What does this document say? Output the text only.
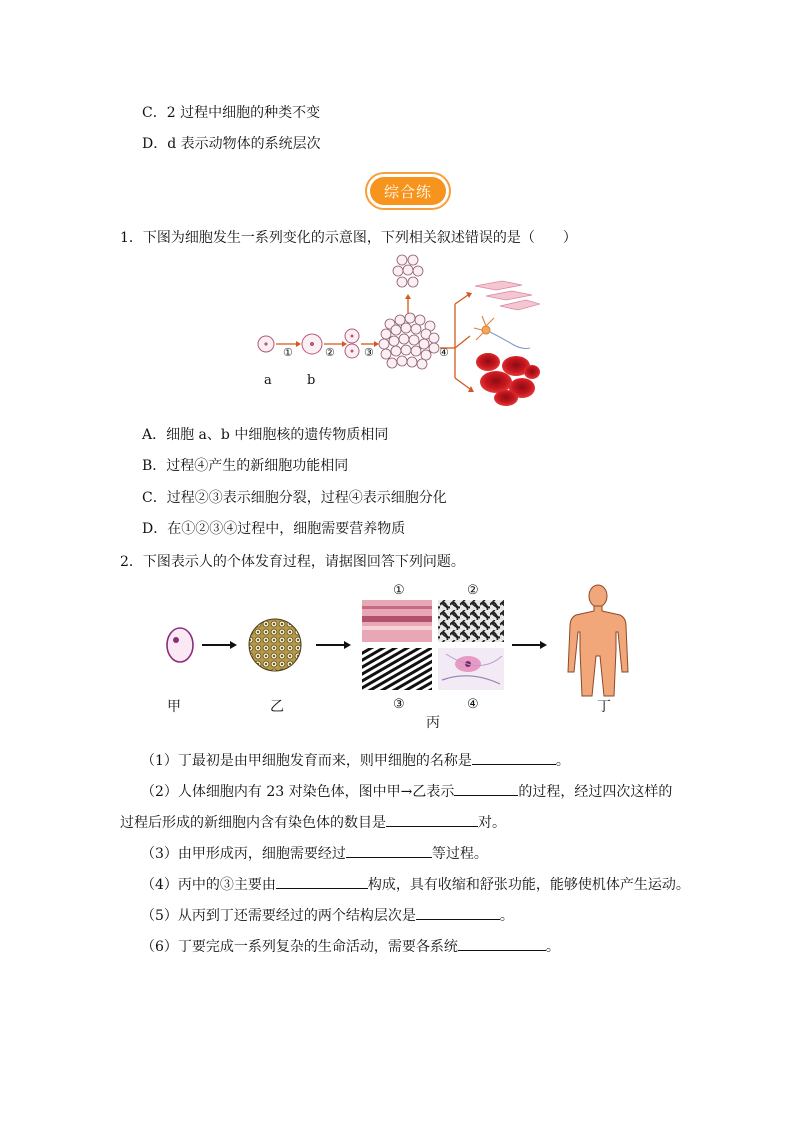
C．2 过程中细胞的种类不变
D．d 表示动物体的系统层次
综合练
1．下图为细胞发生一系列变化的示意图，下列相关叙述错误的是（　　）
①	②	③	④
a	b
A．细胞 a、b 中细胞核的遗传物质相同
B．过程④产生的新细胞功能相同
C．过程②③表示细胞分裂，过程④表示细胞分化
D．在①②③④过程中，细胞需要营养物质
2．下图表示人的个体发育过程，请据图回答下列问题。
①	②
③	④
甲	乙
丙
丁
（1）丁最初是由甲细胞发育而来，则甲细胞的名称是	。
（2）人体细胞内有 23 对染色体，图中甲→乙表示	的过程，经过四次这样的
过程后形成的新细胞内含有染色体的数目是	对。
（3）由甲形成丙，细胞需要经过	等过程。
（4）丙中的③主要由	构成，具有收缩和舒张功能，能够使机体产生运动。
（5）从丙到丁还需要经过的两个结构层次是	。
（6）丁要完成一系列复杂的生命活动，需要各系统	。
